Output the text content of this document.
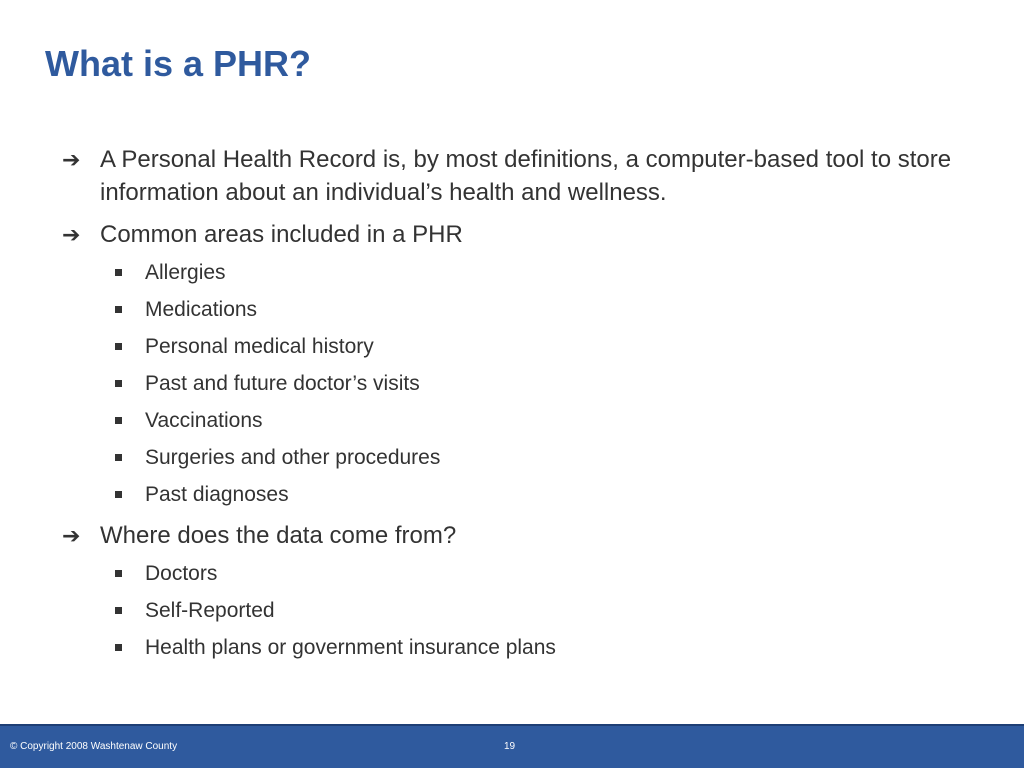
What is a PHR?
➔ A Personal Health Record is, by most definitions, a computer-based tool to store information about an individual’s health and wellness.
➔ Common areas included in a PHR
Allergies
Medications
Personal medical history
Past and future doctor’s visits
Vaccinations
Surgeries and other procedures
Past diagnoses
➔ Where does the data come from?
Doctors
Self-Reported
Health plans or government insurance plans
© Copyright 2008 Washtenaw County	19
